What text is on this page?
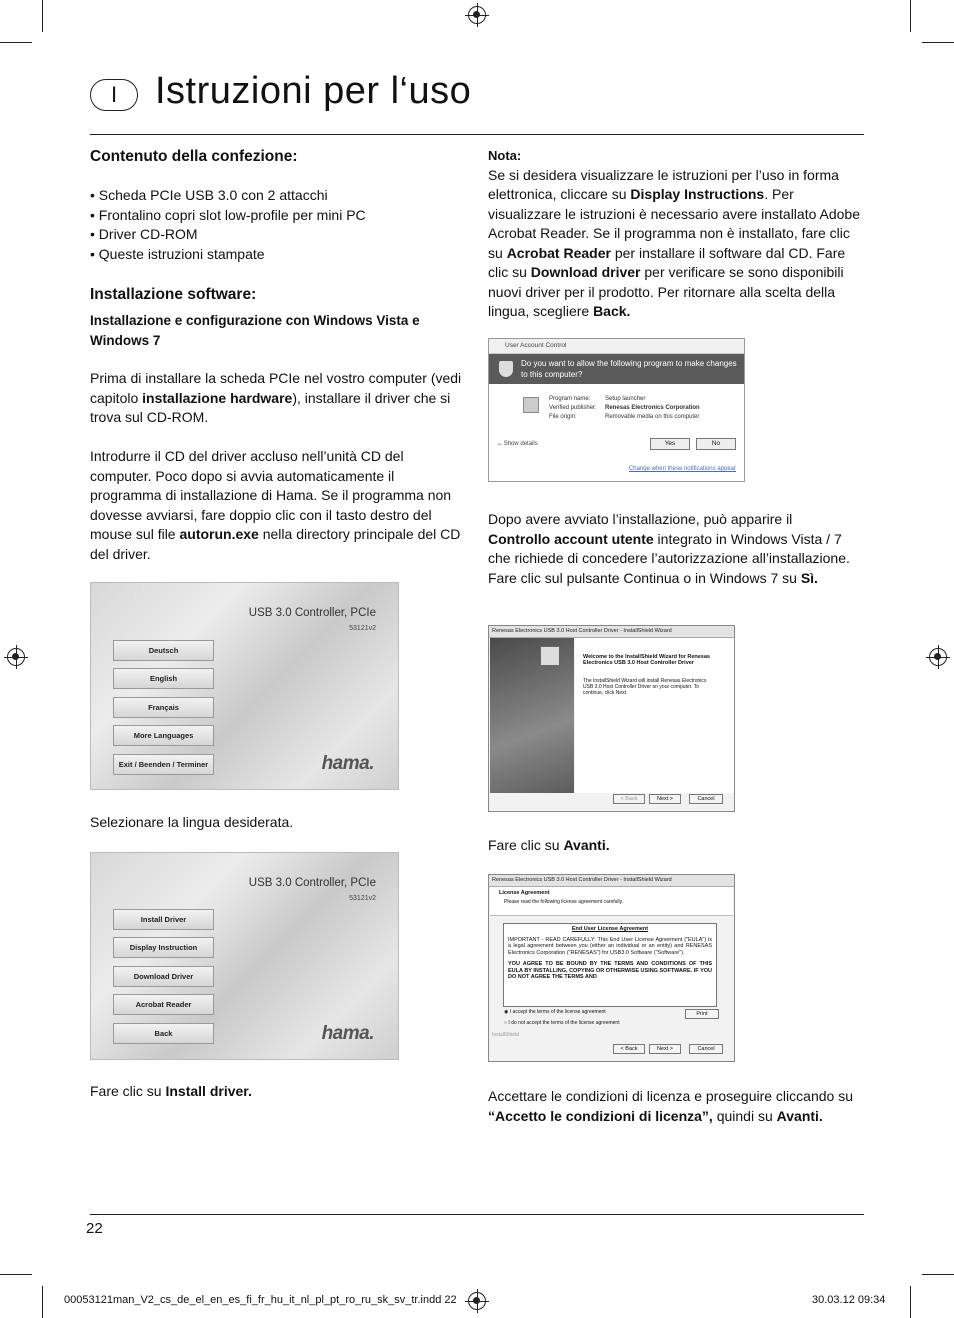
I Istruzioni per l‘uso
Contenuto della confezione:
• Scheda PCIe USB 3.0 con 2 attacchi
• Frontalino copri slot low-profile per mini PC
• Driver CD-ROM
• Queste istruzioni stampate
Installazione software:
Installazione e configurazione con Windows Vista e Windows 7
Prima di installare la scheda PCIe nel vostro computer (vedi capitolo installazione hardware), installare il driver che si trova sul CD-ROM.
Introdurre il CD del driver accluso nell’unità CD del computer. Poco dopo si avvia automaticamente il programma di installazione di Hama. Se il programma non dovesse avviarsi, fare doppio clic con il tasto destro del mouse sul file autorun.exe nella directory principale del CD del driver.
USB 3.0 Controller, PCIe
53121v2
Deutsch
English
Français
More Languages
Exit / Beenden / Terminer	hama.
Selezionare la lingua desiderata.
USB 3.0 Controller, PCIe
53121v2
Install Driver
Display Instruction
Download Driver
Acrobat Reader
Back	hama.
Fare clic su Install driver.
Nota:
Se si desidera visualizzare le istruzioni per l’uso in forma elettronica, cliccare su Display Instructions. Per visualizzare le istruzioni è necessario avere installato Adobe Acrobat Reader. Se il programma non è installato, fare clic su Acrobat Reader per installare il software dal CD. Fare clic su Download driver per verificare se sono disponibili nuovi driver per il prodotto. Per ritornare alla scelta della lingua, scegliere Back.
User Account Control
Do you want to allow the following program to make changes to this computer?
Program name: Setup launcher
Verified publisher: Renesas Electronics Corporation
File origin:	Removable media on this computer
⌄ Show details	Yes	No
Change when these notifications appear
Dopo avere avviato l’installazione, può apparire il Controllo account utente integrato in Windows Vista / 7 che richiede di concedere l’autorizzazione all’installazione. Fare clic sul pulsante Continua o in Windows 7 su Sì.
Renesas Electronics USB 3.0 Host Controller Driver - InstallShield Wizard
Welcome to the InstallShield Wizard for Renesas Electronics USB 3.0 Host Controller Driver
The InstallShield Wizard will install Renesas Electronics USB 3.0 Host Controller Driver on your computer. To continue, click Next.
< Back	Next >	Cancel
Fare clic su Avanti.
Renesas Electronics USB 3.0 Host Controller Driver - InstallShield Wizard
License Agreement
Please read the following license agreement carefully.
End User License Agreement
IMPORTANT - READ CAREFULLY: This End User License Agreement ("EULA") is a legal agreement between you (either an individual or an entity) and RENESAS Electronics Corporation ("RENESAS") for USB3.0 Software ("Software").
YOU AGREE TO BE BOUND BY THE TERMS AND CONDITIONS OF THIS EULA BY INSTALLING, COPYING OR OTHERWISE USING SOFTWARE. IF YOU DO NOT AGREE THE TERMS AND
◉ I accept the terms of the license agreement
○ I do not accept the terms of the license agreement
Print
InstallShield
< Back	Next >	Cancel
Accettare le condizioni di licenza e proseguire cliccando su “Accetto le condizioni di licenza”, quindi su Avanti.
22
00053121man_V2_cs_de_el_en_es_fi_fr_hu_it_nl_pl_pt_ro_ru_sk_sv_tr.indd 22	30.03.12 09:34
